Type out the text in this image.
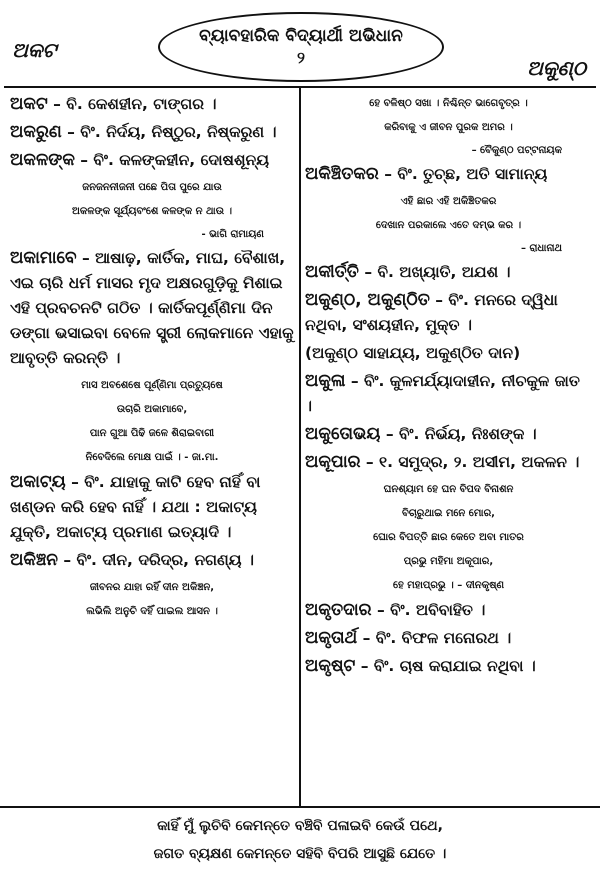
ଅକଟ
ବ୍ୟାବହାରିକ ବିଦ୍ୟାର୍ଥୀ ଅଭିଧାନ
୨	ଅକୁଣ୍ଠ
ଅକଟ – ବି. କେଶହୀନ, ଟାଙ୍ଗର ।
ଅକରୁଣ – ବିଂ. ନିର୍ଦୟ, ନିଷ୍ଠୁର, ନିଷ୍କରୁଣ ।
ଅକଳଙ୍କ – ବିଂ. କଳଙ୍କହୀନ, ଦୋଷଶୂନ୍ୟ
ଜନଜନନୀଜନୀ ପଛେ ପିତା ପୁରେ ଯାଉ
ଅକଳଙ୍କ ସୂର୍ଯ୍ୟବଂଶେ କଳଙ୍କ ନ ଥାଉ ।
- ଭାଗି ରାମାୟଣ
ଅକାମାବେ – ଆଷାଢ଼, କାର୍ତିକ, ମାଘ, ବୈଶାଖ, ଏଇ ଚାରି ଧର୍ମ ମାସର ମୃଦ ଅକ୍ଷରଗୁଡ଼ିକୁ ମିଶାଇ ଏହି ପ୍ରବଚନଟି ଗଠିତ । କାର୍ତିକପୂର୍ଣ୍ଣିମା ଦିନ ଡଙ୍ଗା ଭସାଇବା ବେଳେ ସ୍ତ୍ରୀ ଲୋକମାନେ ଏହାକୁ ଆବୃତ୍ତି କରନ୍ତି ।
ମାସ ଅବଶେଷେ ପୂର୍ଣ୍ଣିମା ପ୍ରତ୍ୟୁଷେ
ଉଚାରି ଅକାମାବେ,
ପାନ ଗୁଆ ପିଢି ଜଳେ ଶିରାଇବାଗୀ
ନିବେଦିଲେ ମୋକ୍ଷ ପାଇଁ । - ଜା.ମା.
ଅକାଟ୍ୟ – ବିଂ. ଯାହାକୁ କାଟି ହେବ ନାହିଁ ବା ଖଣ୍ଡନ କରି ହେବ ନାହିଁ । ଯଥା : ଅକାଟ୍ୟ ଯୁକ୍ତି, ଅକାଟ୍ୟ ପ୍ରମାଣ ଇତ୍ୟାଦି ।
ଅକିଞ୍ଚନ – ବିଂ. ଦୀନ, ଦରିଦ୍ର, ନଗଣ୍ୟ ।
ଜୀବନର ଯାହା ରହିଁ ଦୀନ ଅକିଞ୍ଚନ,
ଲଭିଲି ଅନୁଚି ଦହିଁ ପାଇଲ ଆସନ ।
ହେ ବଳିଷ୍ଠ ସଖା । ନିଶ୍ଚିନ୍ତ ଭାଗେବୃତ୍ର ।
କରିବାକୁ ଏ ଜୀବନ ପୁରକ ଅମର ।
– ବୈକୁଣ୍ଠ ପଟ୍ଟନାୟକ
ଅକିଞ୍ଚିତକର – ବିଂ. ତୁଚ୍ଛ, ଅତି ସାମାନ୍ୟ
ଏହି ଛାର ଏହି ଅକିଞ୍ଚିତକର
ଦେଖାନ ପରକାଲେ ଏତେ ଦମ୍ଭ କର ।
– ରାଧାନାଥ
ଅକୀର୍ତ୍ତି – ବି. ଅଖ୍ୟାତି, ଅଯଶ ।
ଅକୁଣ୍ଠ, ଅକୁଣ୍ଠିତ – ବିଂ. ମନରେ ଦ୍ୱିଧା ନଥିବା, ସଂଶୟହୀନ, ମୁକ୍ତ ।
(ଅକୁଣ୍ଠ ସାହାଯ୍ୟ, ଅକୁଣ୍ଠିତ ଦାନ)
ଅକୁଳା – ବିଂ. କୁଳମର୍ଯ୍ୟାଦାହୀନ, ନୀଚକୁଳ ଜାତ ।
ଅକୁତୋଭୟ – ବିଂ. ନିର୍ଭୟ, ନିଃଶଙ୍କ ।
ଅକୂପାର – ୧. ସମୁଦ୍ର, ୨. ଅସୀମ, ଅକଳନ ।
ଘନଶ୍ୟାମ ହେ ଘନ ବିପଦ ବିନାଶନ
ବିଚାରୁଥାଇ ମନେ ମୋର,
ଘୋର ବିପତ୍ତି ଛାର କେତେ ଅବା ମାତର
ପ୍ରଭୁ ମହିମା ଅକୂପାର,
ହେ ମହାପ୍ରଭୁ । – ଦୀନକୃଷ୍ଣ
ଅକୃତଦାର – ବିଂ. ଅବିବାହିତ ।
ଅକୃତାର୍ଥ – ବିଂ. ବିଫଳ ମନୋରଥ ।
ଅକୃଷ୍ଟ – ବିଂ. ଚାଷ କରାଯାଇ ନଥିବା ।
କାହିଁ ମୁଁ ଲୁଚିବି କେମନ୍ତେ ବଞ୍ଚିବି ପଳାଇବି କେଉଁ ପଥେ,
ଜଗତ ବ୍ୟକ୍ଷଣ କେମନ୍ତେ ସହିବି ବିପରି ଆସୁଛି ଯେତେ ।
